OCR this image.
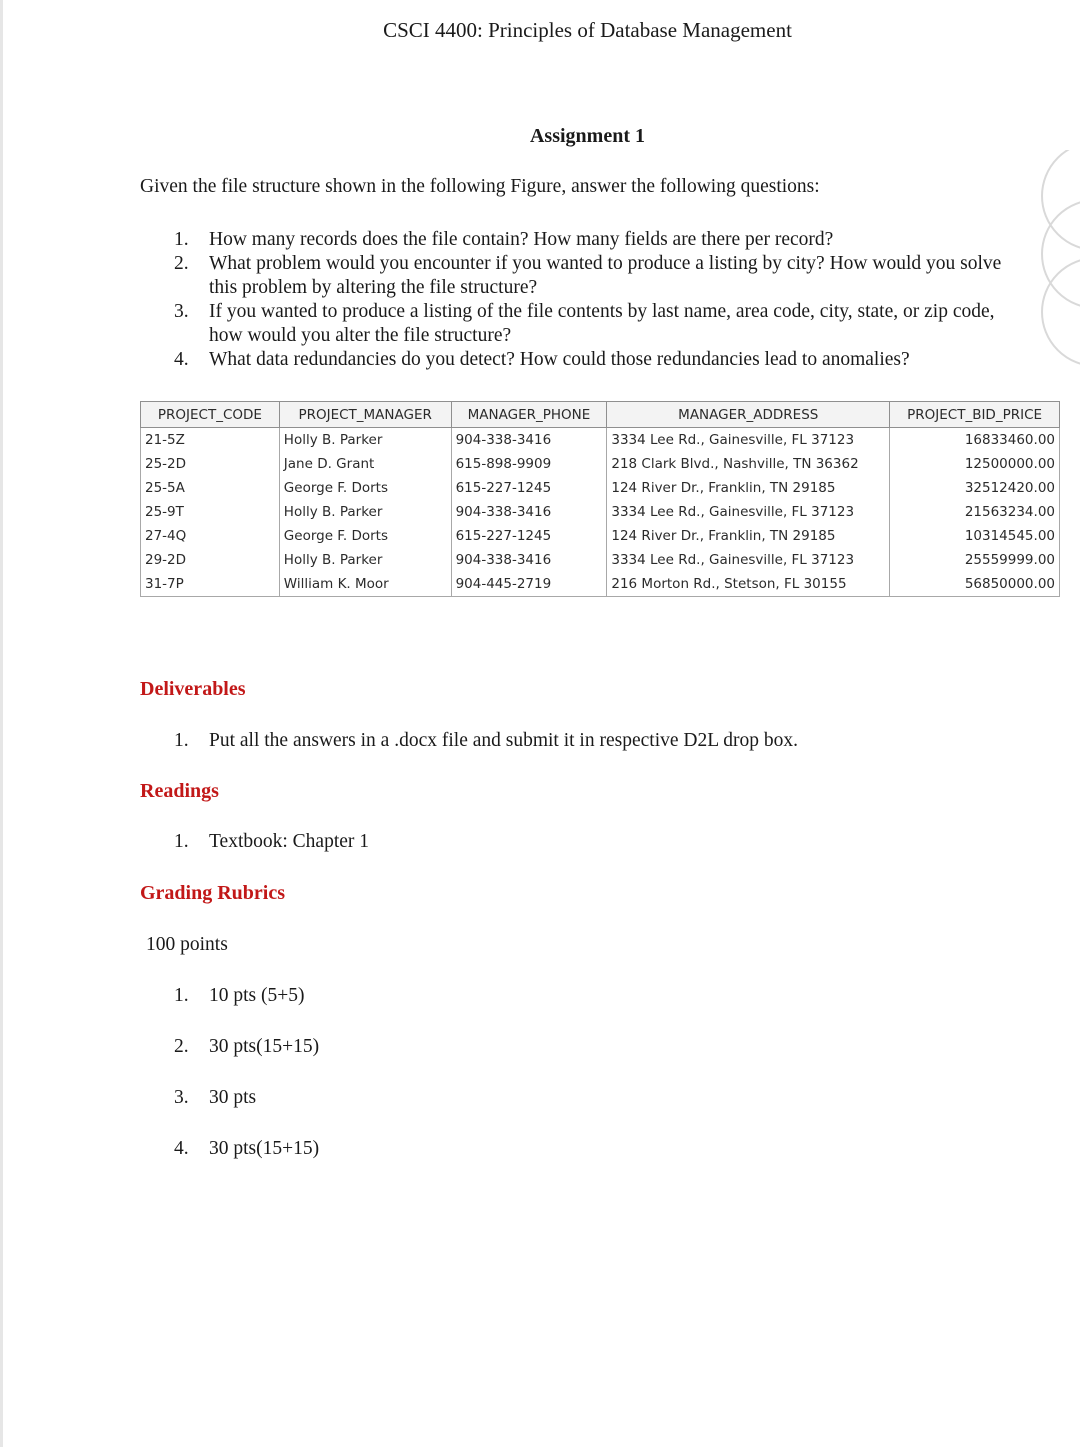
CSCI 4400: Principles of Database Management
Assignment 1
Given the file structure shown in the following Figure, answer the following questions:
1. How many records does the file contain? How many fields are there per record?
2. What problem would you encounter if you wanted to produce a listing by city? How would you solve this problem by altering the file structure?
3. If you wanted to produce a listing of the file contents by last name, area code, city, state, or zip code, how would you alter the file structure?
4. What data redundancies do you detect? How could those redundancies lead to anomalies?
PROJECT_CODE	PROJECT_MANAGER	MANAGER_PHONE	MANAGER_ADDRESS	PROJECT_BID_PRICE
21-5Z	Holly B. Parker	904-338-3416	3334 Lee Rd., Gainesville, FL 37123	16833460.00
25-2D	Jane D. Grant	615-898-9909	218 Clark Blvd., Nashville, TN 36362	12500000.00
25-5A	George F. Dorts	615-227-1245	124 River Dr., Franklin, TN 29185	32512420.00
25-9T	Holly B. Parker	904-338-3416	3334 Lee Rd., Gainesville, FL 37123	21563234.00
27-4Q	George F. Dorts	615-227-1245	124 River Dr., Franklin, TN 29185	10314545.00
29-2D	Holly B. Parker	904-338-3416	3334 Lee Rd., Gainesville, FL 37123	25559999.00
31-7P	William K. Moor	904-445-2719	216 Morton Rd., Stetson, FL 30155	56850000.00
Deliverables
1. Put all the answers in a .docx file and submit it in respective D2L drop box.
Readings
1. Textbook: Chapter 1
Grading Rubrics
100 points
1. 10 pts (5+5)
2. 30 pts(15+15)
3. 30 pts
4. 30 pts(15+15)
